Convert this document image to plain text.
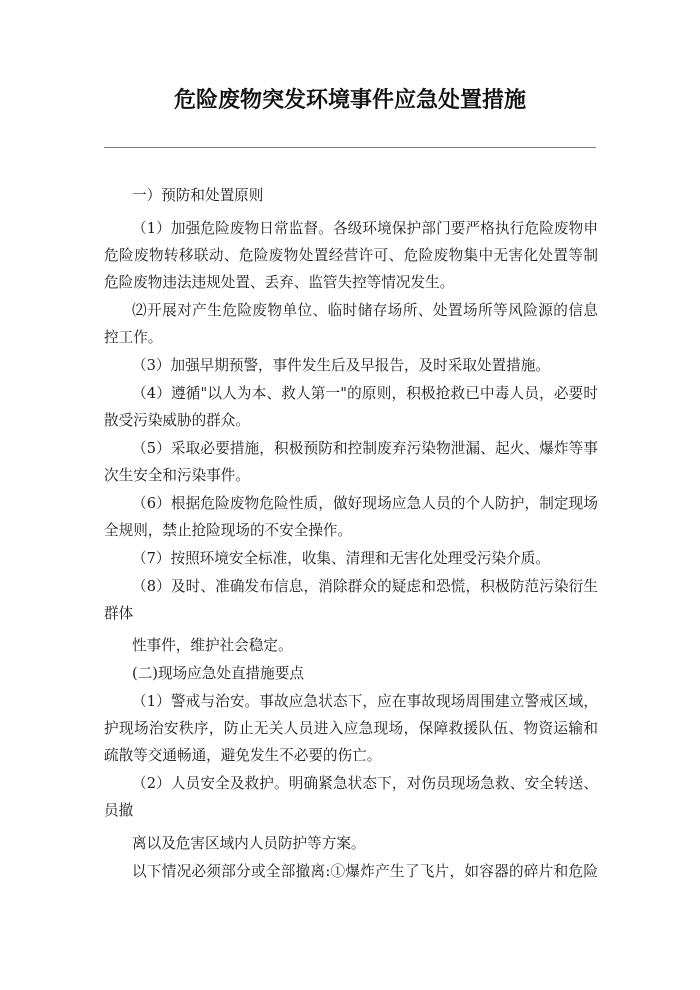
危险废物突发环境事件应急处置措施
一）预防和处置原则
（1）加强危险废物日常监督。各级环境保护部门要严格执行危险废物申
危险废物转移联动、危险废物处置经营许可、危险废物集中无害化处置等制
危险废物违法违规处置、丢弃、监管失控等情况发生。
⑵开展对产生危险废物单位、临时储存场所、处置场所等风险源的信息
控工作。
（3）加强早期预警，事件发生后及早报告，及时采取处置措施。
（4）遵循"以人为本、救人第一"的原则，积极抢救已中毒人员，必要时
散受污染威胁的群众。
（5）采取必要措施，积极预防和控制废弃污染物泄漏、起火、爆炸等事
次生安全和污染事件。
（6）根据危险废物危险性质，做好现场应急人员的个人防护，制定现场
全规则，禁止抢险现场的不安全操作。
（7）按照环境安全标准，收集、清理和无害化处理受污染介质。
（8）及时、准确发布信息，消除群众的疑虑和恐慌，积极防范污染衍生
群体
性事件，维护社会稳定。
(二)现场应急处直措施要点
（1）警戒与治安。事故应急状态下，应在事故现场周围建立警戒区域，
护现场治安秩序，防止无关人员进入应急现场，保障救援队伍、物资运输和
疏散等交通畅通，避免发生不必要的伤亡。
（2）人员安全及救护。明确紧急状态下，对伤员现场急救、安全转送、
员撤
离以及危害区域内人员防护等方案。
以下情况必须部分或全部撤离:①爆炸产生了飞片，如容器的碎片和危险
